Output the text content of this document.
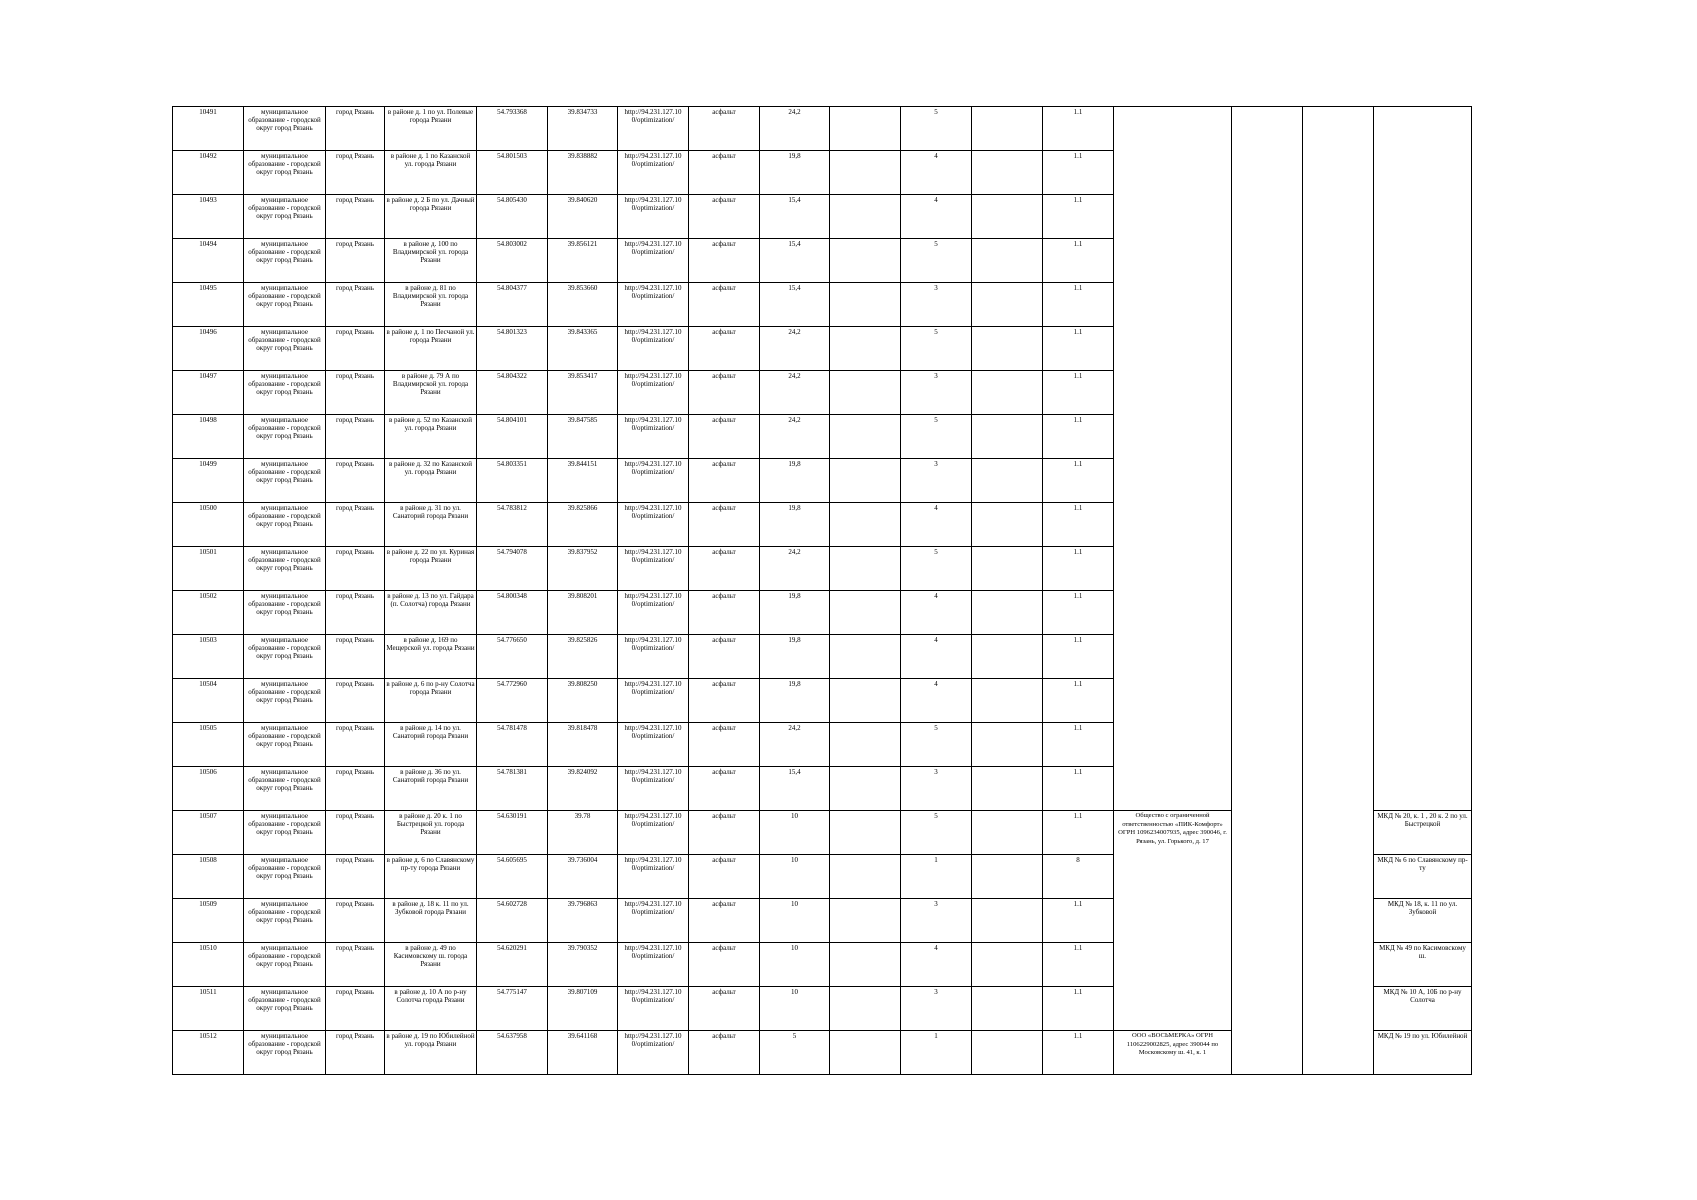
10491	муниципальное образование - городской округ город Рязань	город Рязань	в районе д. 1 по ул. Полевые города Рязани	54.793368	39.834733	http://94.231.127.10 0/optimization/	асфальт	24,2		5		1.1				
10492	муниципальное образование - городской округ город Рязань	город Рязань	в районе д. 1 по Казанской ул. города Рязани	54.801503	39.838882	http://94.231.127.10 0/optimization/	асфальт	19,8		4		1.1				
10493	муниципальное образование - городской округ город Рязань	город Рязань	в районе д. 2 Б по ул. Дачный города Рязани	54.805430	39.840620	http://94.231.127.10 0/optimization/	асфальт	15,4		4		1.1				
10494	муниципальное образование - городской округ город Рязань	город Рязань	в районе д. 100 по Владимирской ул. города Рязани	54.803002	39.856121	http://94.231.127.10 0/optimization/	асфальт	15,4		5		1.1				
10495	муниципальное образование - городской округ город Рязань	город Рязань	в районе д. 81 по Владимирской ул. города Рязани	54.804377	39.853660	http://94.231.127.10 0/optimization/	асфальт	15,4		3		1.1				
10496	муниципальное образование - городской округ город Рязань	город Рязань	в районе д. 1 по Песчаной ул. города Рязани	54.801323	39.843365	http://94.231.127.10 0/optimization/	асфальт	24,2		5		1.1				
10497	муниципальное образование - городской округ город Рязань	город Рязань	в районе д. 79 А по Владимирской ул. города Рязани	54.804322	39.853417	http://94.231.127.10 0/optimization/	асфальт	24,2		3		1.1				
10498	муниципальное образование - городской округ город Рязань	город Рязань	в районе д. 52 по Казанской ул. города Рязани	54.804101	39.847585	http://94.231.127.10 0/optimization/	асфальт	24,2		5		1.1				
10499	муниципальное образование - городской округ город Рязань	город Рязань	в районе д. 32 по Казанской ул. города Рязани	54.803351	39.844151	http://94.231.127.10 0/optimization/	асфальт	19,8		3		1.1				
10500	муниципальное образование - городской округ город Рязань	город Рязань	в районе д. 31 по ул. Санаторий города Рязани	54.783812	39.825866	http://94.231.127.10 0/optimization/	асфальт	19,8		4		1.1				
10501	муниципальное образование - городской округ город Рязань	город Рязань	в районе д. 22 по ул. Куриная города Рязани	54.794078	39.837952	http://94.231.127.10 0/optimization/	асфальт	24,2		5		1.1				
10502	муниципальное образование - городской округ город Рязань	город Рязань	в районе д. 13 по ул. Гайдара (п. Солотча) города Рязани	54.800348	39.808201	http://94.231.127.10 0/optimization/	асфальт	19,8		4		1.1				
10503	муниципальное образование - городской округ город Рязань	город Рязань	в районе д. 169 по Мещерской ул. города Рязани	54.776650	39.825826	http://94.231.127.10 0/optimization/	асфальт	19,8		4		1.1				
10504	муниципальное образование - городской округ город Рязань	город Рязань	в районе д. 6 по р-ну Солотча города Рязани	54.772960	39.808250	http://94.231.127.10 0/optimization/	асфальт	19,8		4		1.1				
10505	муниципальное образование - городской округ город Рязань	город Рязань	в районе д. 14 по ул. Санаторий города Рязани	54.781478	39.818478	http://94.231.127.10 0/optimization/	асфальт	24,2		5		1.1				
10506	муниципальное образование - городской округ город Рязань	город Рязань	в районе д. 36 по ул. Санаторий города Рязани	54.781381	39.824092	http://94.231.127.10 0/optimization/	асфальт	15,4		3		1.1				
10507	муниципальное образование - городской округ город Рязань	город Рязань	в районе д. 20 к. 1 по Быстрецкой ул. города Рязани	54.630191	39.78	http://94.231.127.10 0/optimization/	асфальт	10		5		1.1	Общество с ограниченной ответственностью «ПИК-Комфорт» ОГРН 1096234007935, адрес 390046, г. Рязань, ул. Горького, д. 17			МКД № 20, к. 1 , 20 к. 2 по ул. Быстрецкой
10508	муниципальное образование - городской округ город Рязань	город Рязань	в районе д. 6 по Славянскому пр-ту города Рязани	54.605695	39.736004	http://94.231.127.10 0/optimization/	асфальт	10		1		8				МКД № 6 по Славянскому пр-ту
10509	муниципальное образование - городской округ город Рязань	город Рязань	в районе д. 18 к. 11 по ул. Зубковой города Рязани	54.602728	39.796863	http://94.231.127.10 0/optimization/	асфальт	10		3		1.1				МКД № 18, к. 11 по ул. Зубковой
10510	муниципальное образование - городской округ город Рязань	город Рязань	в районе д. 49 по Касимовскому ш. города Рязани	54.620291	39.790352	http://94.231.127.10 0/optimization/	асфальт	10		4		1.1				МКД № 49 по Касимовскому ш.
10511	муниципальное образование - городской округ город Рязань	город Рязань	в районе д. 10 А по р-ну Солотча города Рязани	54.775147	39.807109	http://94.231.127.10 0/optimization/	асфальт	10		3		1.1				МКД № 10 А, 10Б по р-ну Солотча
10512	муниципальное образование - городской округ город Рязань	город Рязань	в районе д. 19 по Юбилейной ул. города Рязани	54.637958	39.641168	http://94.231.127.10 0/optimization/	асфальт	5		1		1.1	ООО «ВОСЬМЕРКА» ОГРН 1106229002825, адрес 390044 по Московскому ш. 41, к. 1			МКД № 19 по ул. Юбилейной
